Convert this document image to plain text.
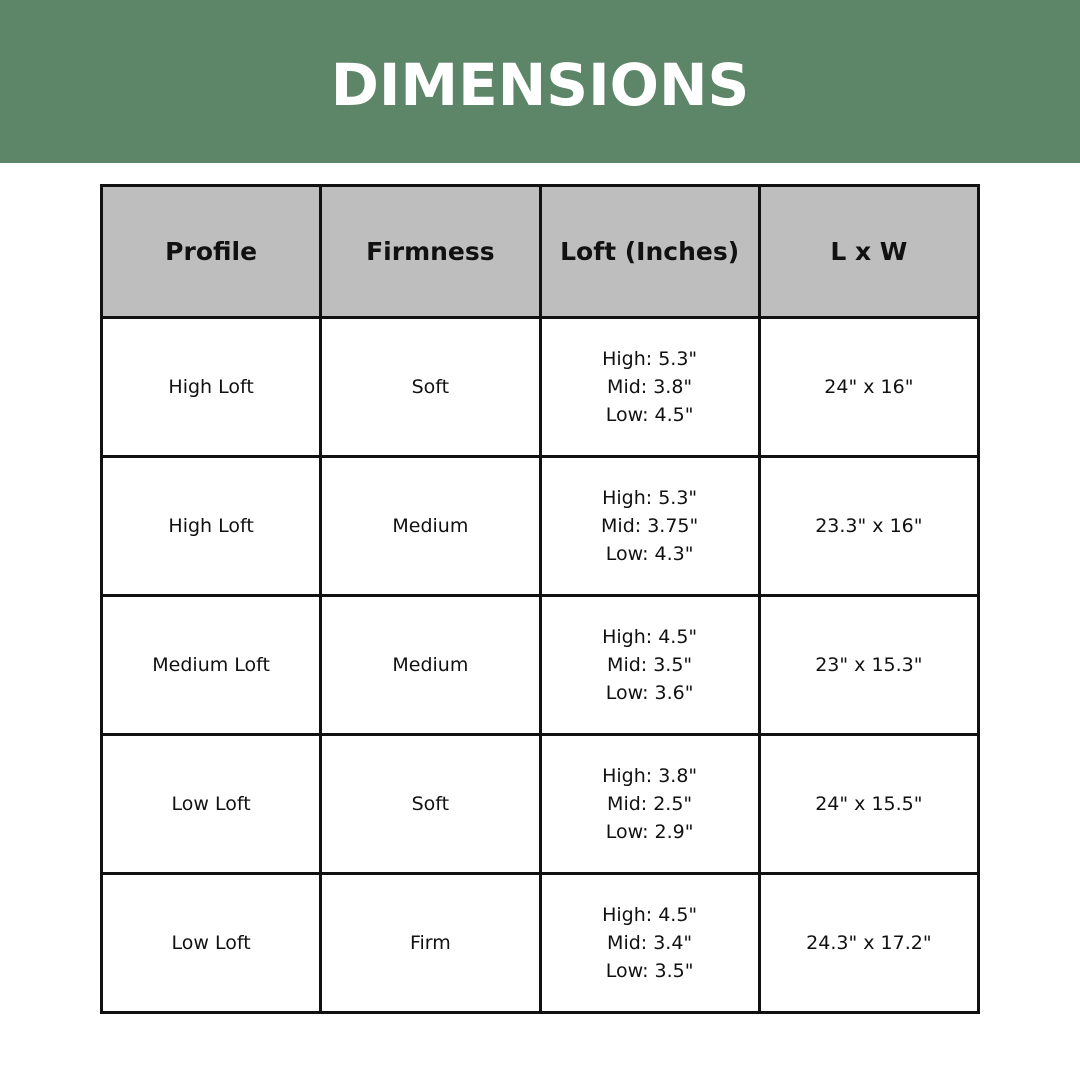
DIMENSIONS
Profile	Firmness	Loft (Inches)	L x W
High Loft	Soft	High: 5.3"
Mid: 3.8"
Low: 4.5"	24" x 16"
High Loft	Medium	High: 5.3"
Mid: 3.75"
Low: 4.3"	23.3" x 16"
Medium Loft	Medium	High: 4.5"
Mid: 3.5"
Low: 3.6"	23" x 15.3"
Low Loft	Soft	High: 3.8"
Mid: 2.5"
Low: 2.9"	24" x 15.5"
Low Loft	Firm	High: 4.5"
Mid: 3.4"
Low: 3.5"	24.3" x 17.2"
